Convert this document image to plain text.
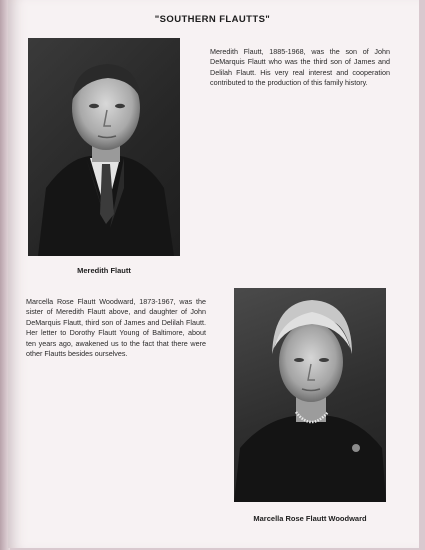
"SOUTHERN FLAUTTS"
Meredith Flautt, 1885-1968, was the son of John DeMarquis Flautt who was the third son of James and Delilah Flautt. His very real interest and cooperation contributed to the production of this family history.
Meredith Flautt
Marcella Rose Flautt Woodward, 1873-1967, was the sister of Meredith Flautt above, and daughter of John DeMarquis Flautt, third son of James and Delilah Flautt. Her letter to Dorothy Flautt Young of Baltimore, about ten years ago, awakened us to the fact that there were other Flautts besides ourselves.
Marcella Rose Flautt Woodward
